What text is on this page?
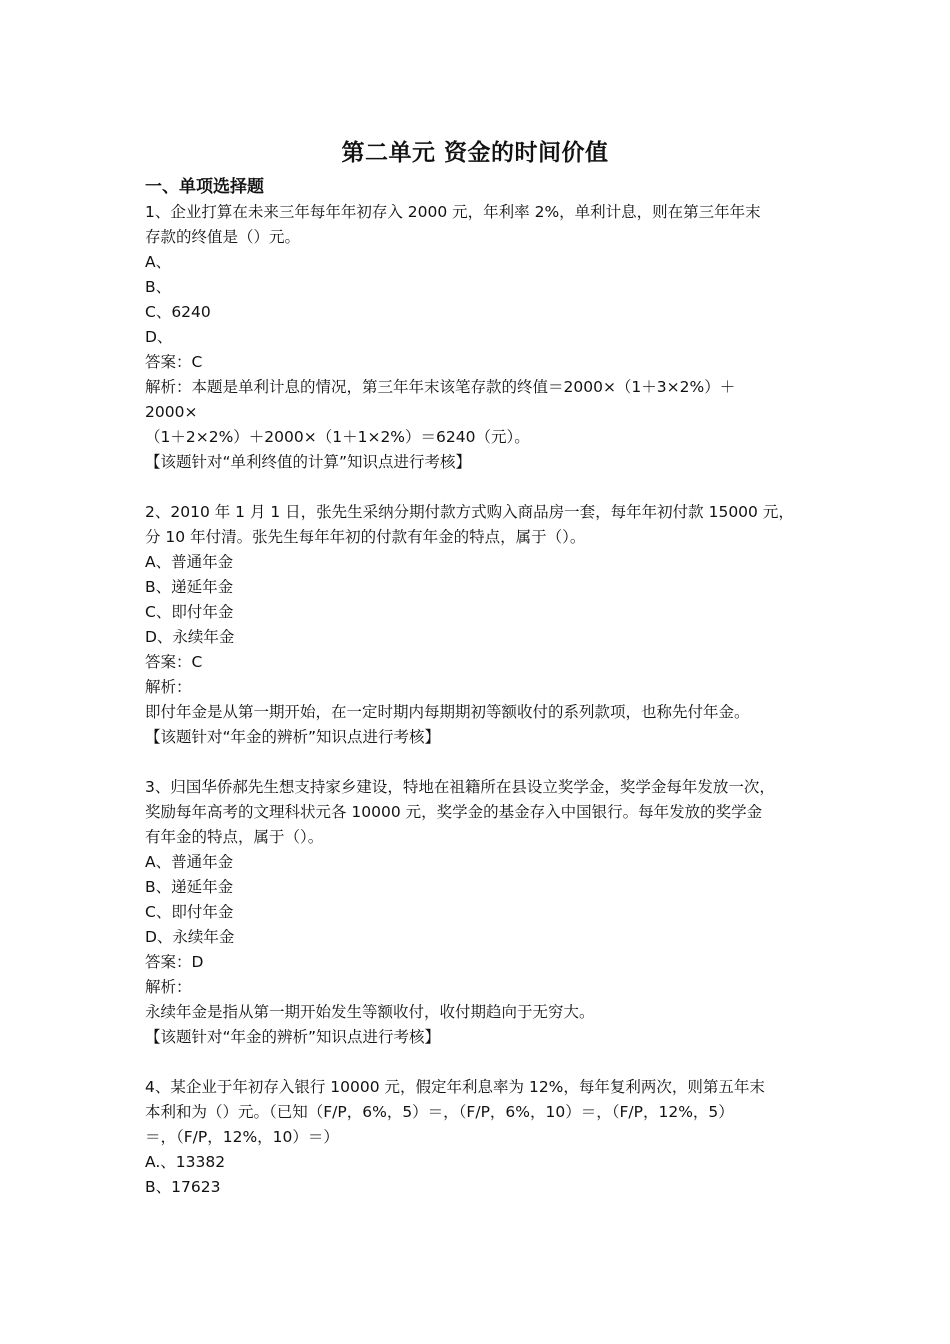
第二单元 资金的时间价值
一、单项选择题
1、企业打算在未来三年每年年初存入 2000 元，年利率 2%，单利计息，则在第三年年末
存款的终值是（）元。
A、
B、
C、6240
D、
答案：C
解析：本题是单利计息的情况，第三年年末该笔存款的终值＝2000×（1＋3×2%）＋
2000×
（1＋2×2%）＋2000×（1＋1×2%）＝6240（元）。
【该题针对“单利终值的计算”知识点进行考核】
2、2010 年 1 月 1 日，张先生采纳分期付款方式购入商品房一套，每年年初付款 15000 元，
分 10 年付清。张先生每年年初的付款有年金的特点，属于（）。
A、普通年金
B、递延年金
C、即付年金
D、永续年金
答案：C
解析：
即付年金是从第一期开始，在一定时期内每期期初等额收付的系列款项，也称先付年金。
【该题针对“年金的辨析”知识点进行考核】
3、归国华侨郝先生想支持家乡建设，特地在祖籍所在县设立奖学金，奖学金每年发放一次，
奖励每年高考的文理科状元各 10000 元，奖学金的基金存入中国银行。每年发放的奖学金
有年金的特点，属于（）。
A、普通年金
B、递延年金
C、即付年金
D、永续年金
答案：D
解析：
永续年金是指从第一期开始发生等额收付，收付期趋向于无穷大。
【该题针对“年金的辨析”知识点进行考核】
4、某企业于年初存入银行 10000 元，假定年利息率为 12%，每年复利两次，则第五年末
本利和为（）元。（已知（F/P，6%，5）＝，（F/P，6%，10）＝，（F/P，12%，5）
＝，（F/P，12%，10）＝）
A.、13382
B、17623
